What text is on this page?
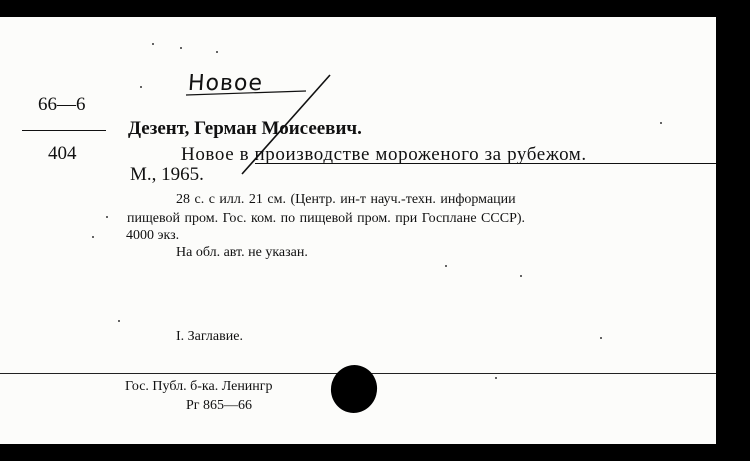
Новое
66—6
404
Дезент, Герман Моисеевич.
Новое в производстве мороженого за рубежом.
М., 1965.
28 с. с илл. 21 см. (Центр. ин-т науч.-техн. информации
пищевой пром. Гос. ком. по пищевой пром. при Госплане СССР).
4000 экз.
На обл. авт. не указан.
I. Заглавие.
Гос. Публ. б-ка. Ленингр
Рг 865—66
